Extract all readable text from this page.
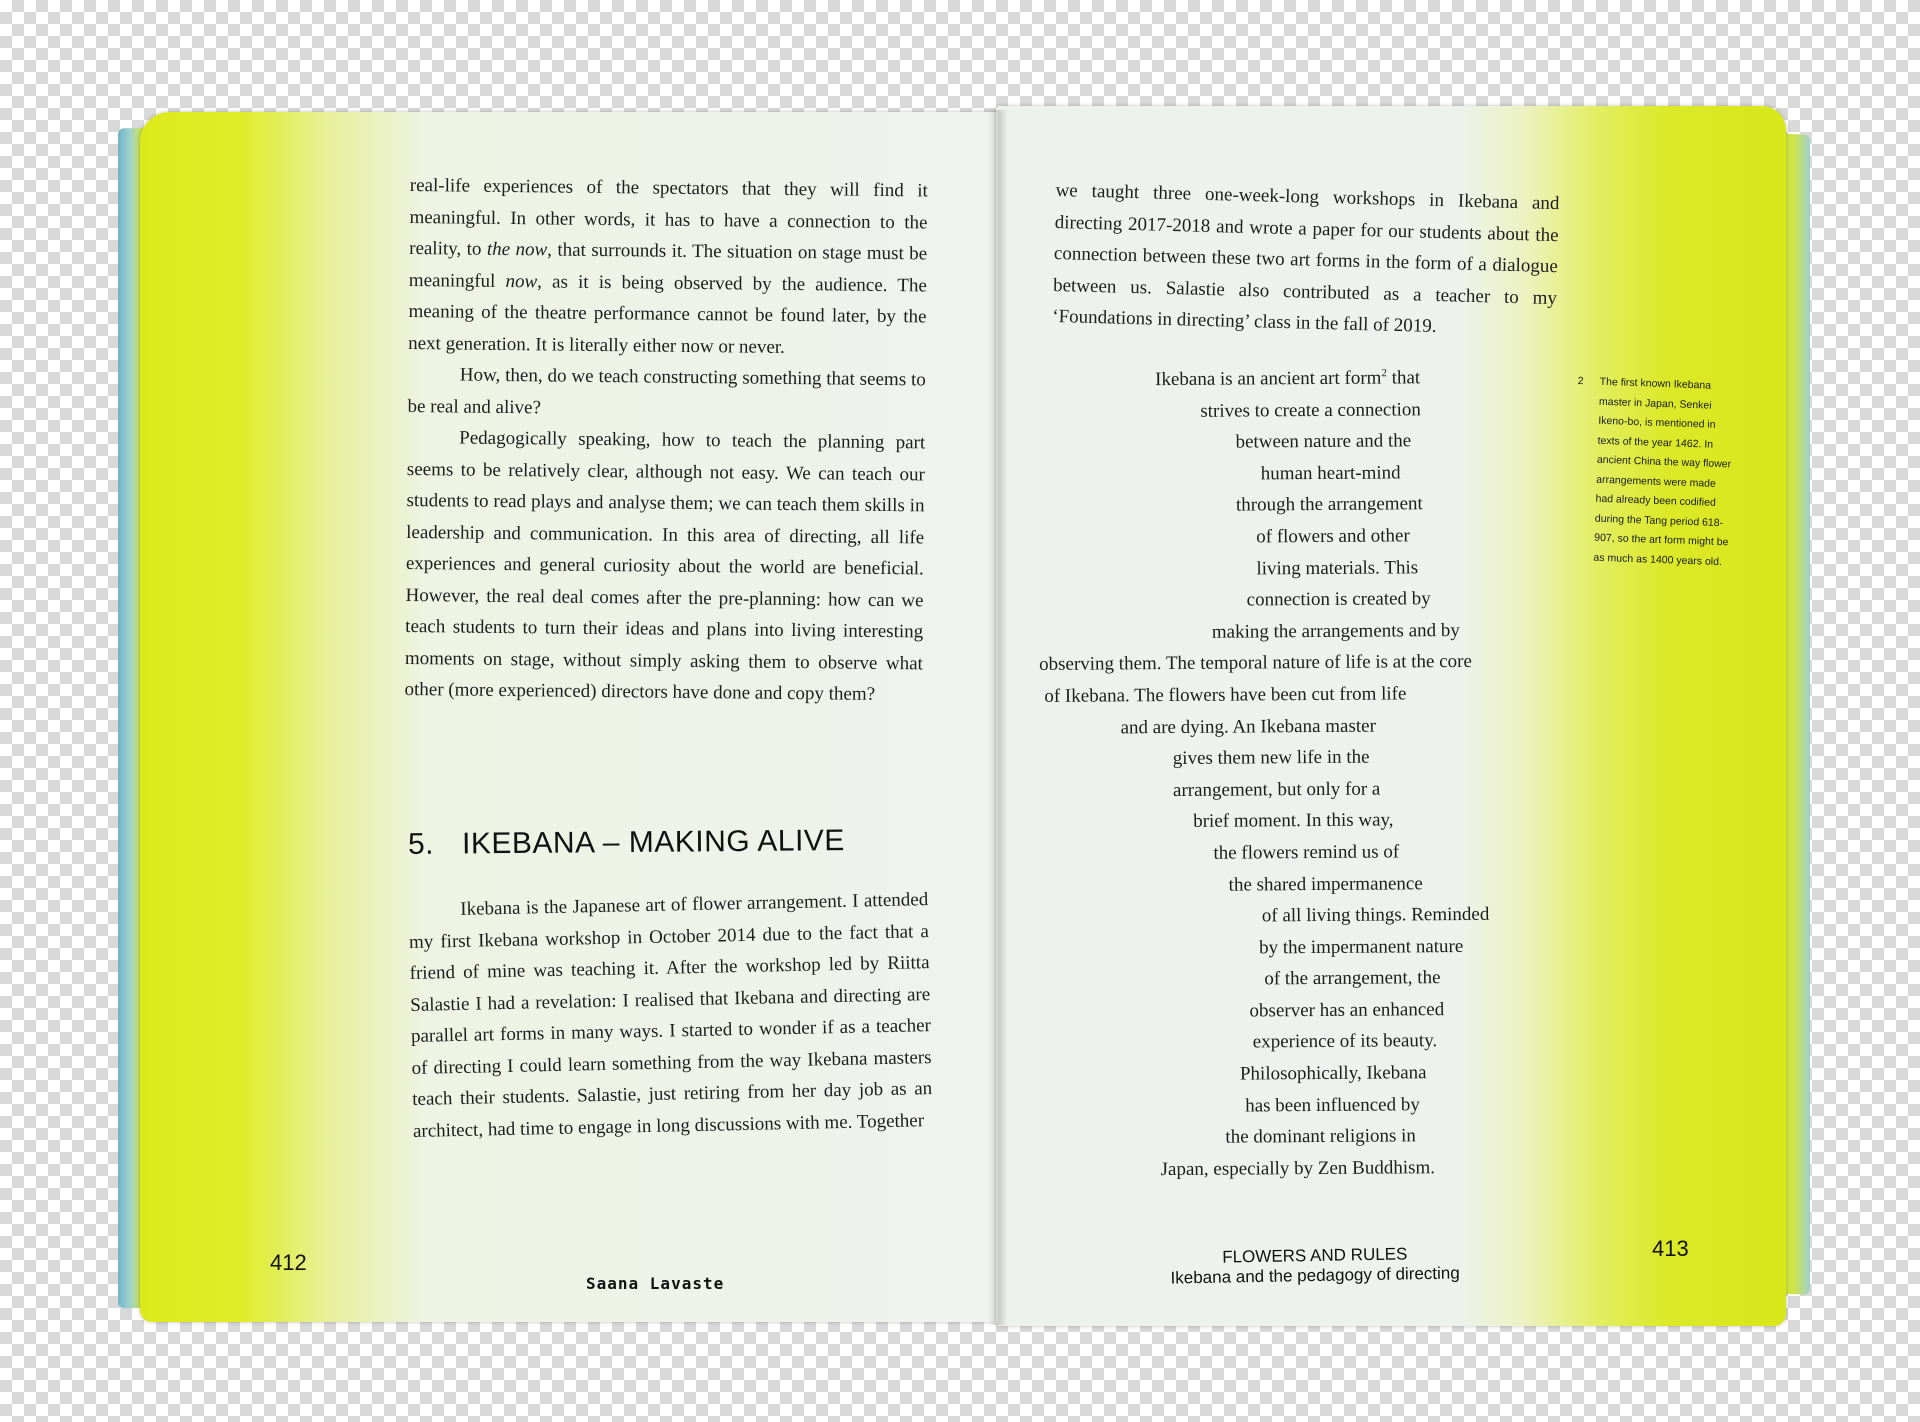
real-life experiences of the spectators that they will find it meaningful. In other words, it has to have a connection to the reality, to the now, that surrounds it. The situation on stage must be meaningful now, as it is being observed by the audience. The meaning of the theatre performance cannot be found later, by the next generation. It is literally either now or never.

How, then, do we teach constructing something that seems to be real and alive?

Pedagogically speaking, how to teach the planning part seems to be relatively clear, although not easy. We can teach our students to read plays and analyse them; we can teach them skills in leadership and communication. In this area of directing, all life experiences and general curiosity about the world are beneficial. However, the real deal comes after the pre-planning: how can we teach students to turn their ideas and plans into living interesting moments on stage, without simply asking them to observe what other (more experienced) directors have done and copy them?

5. IKEBANA – MAKING ALIVE

Ikebana is the Japanese art of flower arrangement. I attended my first Ikebana workshop in October 2014 due to the fact that a friend of mine was teaching it. After the workshop led by Riitta Salastie I had a revelation: I realised that Ikebana and directing are parallel art forms in many ways. I started to wonder if as a teacher of directing I could learn something from the way Ikebana masters teach their students. Salastie, just retiring from her day job as an architect, had time to engage in long discussions with me. Together

412
Saana Lavaste

we taught three one-week-long workshops in Ikebana and directing 2017-2018 and wrote a paper for our students about the connection between these two art forms in the form of a dialogue between us. Salastie also contributed as a teacher to my ‘Foundations in directing’ class in the fall of 2019.

Ikebana is an ancient art form$^2$ that
strives to create a connection
between nature and the
human heart-mind
through the arrangement
of flowers and other
living materials. This
connection is created by
making the arrangements and by
observing them. The temporal nature of life is at the core
of Ikebana. The flowers have been cut from life
and are dying. An Ikebana master
gives them new life in the
arrangement, but only for a
brief moment. In this way,
the flowers remind us of
the shared impermanence
of all living things. Reminded
by the impermanent nature
of the arrangement, the
observer has an enhanced
experience of its beauty.
Philosophically, Ikebana
has been influenced by
the dominant religions in
Japan, especially by Zen Buddhism.
2	The first known Ikebana master in Japan, Senkei Ikeno-bo, is mentioned in texts of the year 1462. In ancient China the way flower arrangements were made had already been codified during the Tang period 618-907, so the art form might be as much as 1400 years old.
FLOWERS AND RULES
Ikebana and the pedagogy of directing
413
